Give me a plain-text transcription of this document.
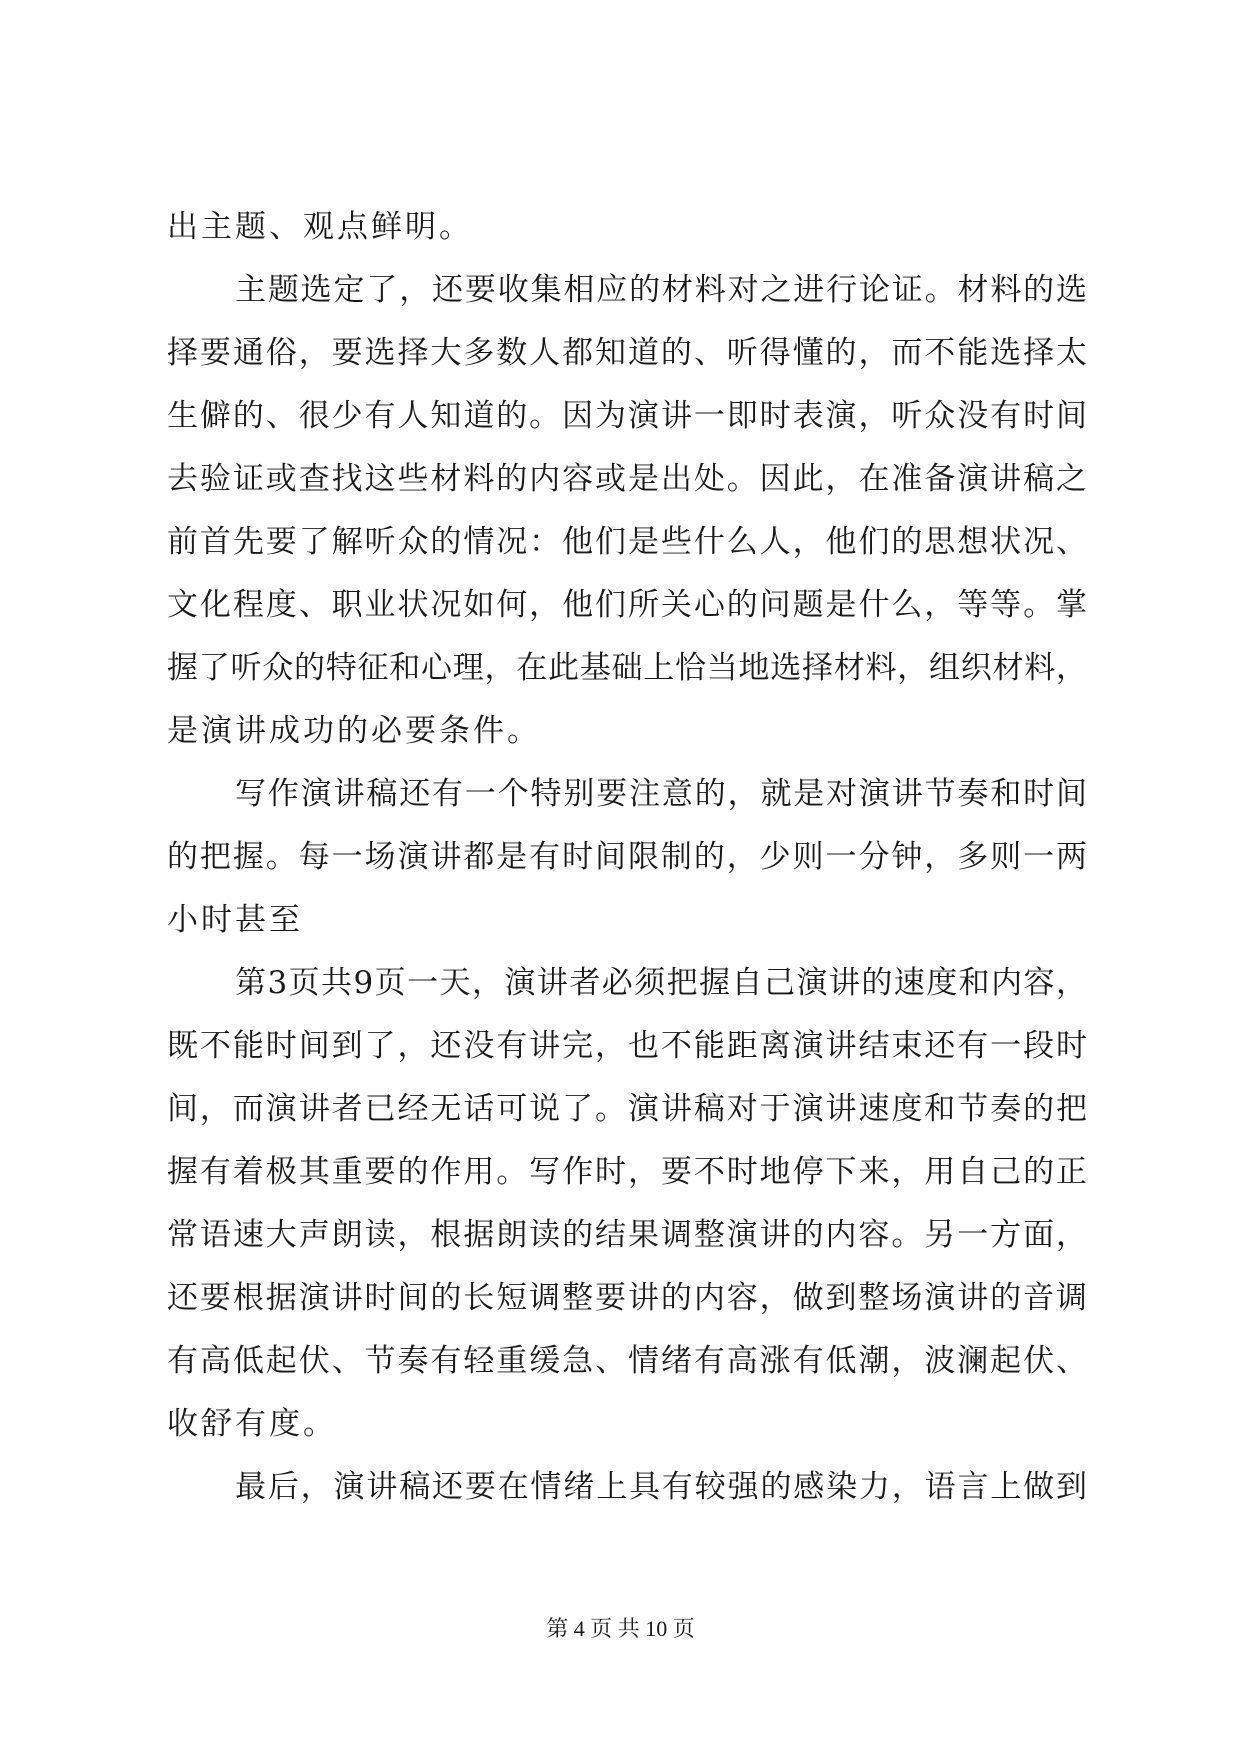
出主题、观点鲜明。
主题选定了，还要收集相应的材料对之进行论证。材料的选
择要通俗，要选择大多数人都知道的、听得懂的，而不能选择太
生僻的、很少有人知道的。因为演讲一即时表演，听众没有时间
去验证或查找这些材料的内容或是出处。因此，在准备演讲稿之
前首先要了解听众的情况：他们是些什么人，他们的思想状况、
文化程度、职业状况如何，他们所关心的问题是什么，等等。掌
握了听众的特征和心理，在此基础上恰当地选择材料，组织材料，
是演讲成功的必要条件。
写作演讲稿还有一个特别要注意的，就是对演讲节奏和时间
的把握。每一场演讲都是有时间限制的，少则一分钟，多则一两
小时甚至
第3页共9页一天，演讲者必须把握自己演讲的速度和内容，
既不能时间到了，还没有讲完，也不能距离演讲结束还有一段时
间，而演讲者已经无话可说了。演讲稿对于演讲速度和节奏的把
握有着极其重要的作用。写作时，要不时地停下来，用自己的正
常语速大声朗读，根据朗读的结果调整演讲的内容。另一方面，
还要根据演讲时间的长短调整要讲的内容，做到整场演讲的音调
有高低起伏、节奏有轻重缓急、情绪有高涨有低潮，波澜起伏、
收舒有度。
最后，演讲稿还要在情绪上具有较强的感染力，语言上做到
第 4 页 共 10 页
